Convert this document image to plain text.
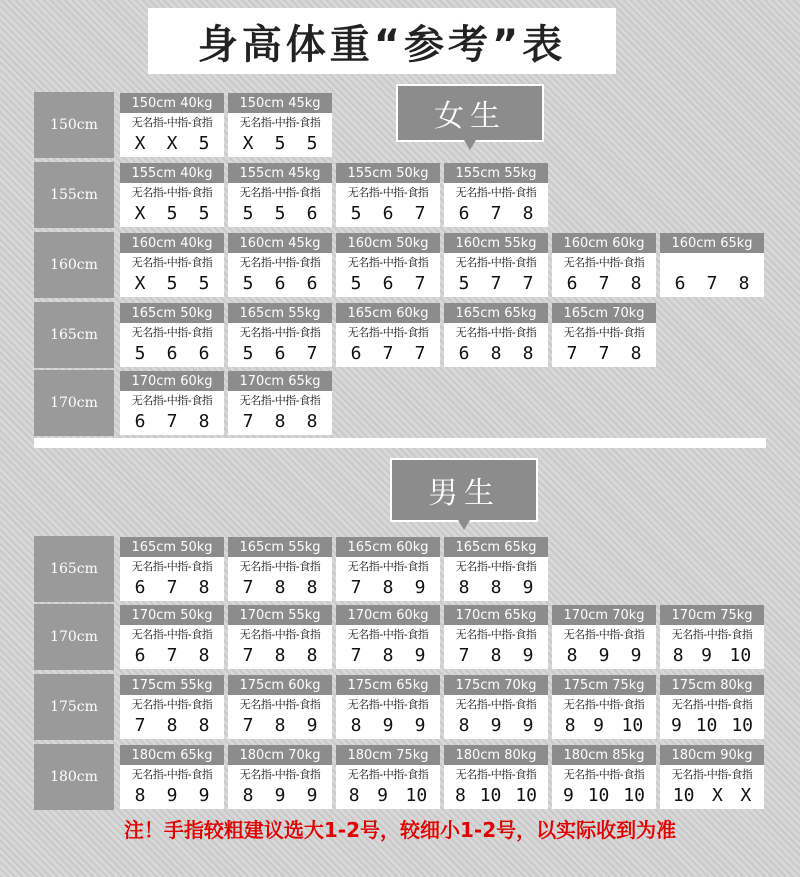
身高体重“参考”表
女生
150cm
150cm 40kg
无名指-中指-食指
X X 5
150cm 45kg
无名指-中指-食指
X 5 5
155cm
155cm 40kg
无名指-中指-食指
X 5 5
155cm 45kg
无名指-中指-食指
5 5 6
155cm 50kg
无名指-中指-食指
5 6 7
155cm 55kg
无名指-中指-食指
6 7 8
160cm
160cm 40kg
无名指-中指-食指
X 5 5
160cm 45kg
无名指-中指-食指
5 6 6
160cm 50kg
无名指-中指-食指
5 6 7
160cm 55kg
无名指-中指-食指
5 7 7
160cm 60kg
无名指-中指-食指
6 7 8
160cm 65kg
6 7 8
165cm
165cm 50kg
无名指-中指-食指
5 6 6
165cm 55kg
无名指-中指-食指
5 6 7
165cm 60kg
无名指-中指-食指
6 7 7
165cm 65kg
无名指-中指-食指
6 8 8
165cm 70kg
无名指-中指-食指
7 7 8
170cm
170cm 60kg
无名指-中指-食指
6 7 8
170cm 65kg
无名指-中指-食指
7 8 8
男生
165cm
165cm 50kg
无名指-中指-食指
6 7 8
165cm 55kg
无名指-中指-食指
7 8 8
165cm 60kg
无名指-中指-食指
7 8 9
165cm 65kg
无名指-中指-食指
8 8 9
170cm
170cm 50kg
无名指-中指-食指
6 7 8
170cm 55kg
无名指-中指-食指
7 8 8
170cm 60kg
无名指-中指-食指
7 8 9
170cm 65kg
无名指-中指-食指
7 8 9
170cm 70kg
无名指-中指-食指
8 9 9
170cm 75kg
无名指-中指-食指
8 9 10
175cm
175cm 55kg
无名指-中指-食指
7 8 8
175cm 60kg
无名指-中指-食指
7 8 9
175cm 65kg
无名指-中指-食指
8 9 9
175cm 70kg
无名指-中指-食指
8 9 9
175cm 75kg
无名指-中指-食指
8 9 10
175cm 80kg
无名指-中指-食指
9 10 10
180cm
180cm 65kg
无名指-中指-食指
8 9 9
180cm 70kg
无名指-中指-食指
8 9 9
180cm 75kg
无名指-中指-食指
8 9 10
180cm 80kg
无名指-中指-食指
8 10 10
180cm 85kg
无名指-中指-食指
9 10 10
180cm 90kg
无名指-中指-食指
10 X X
注！手指较粗建议选大1-2号，较细小1-2号，以实际收到为准
